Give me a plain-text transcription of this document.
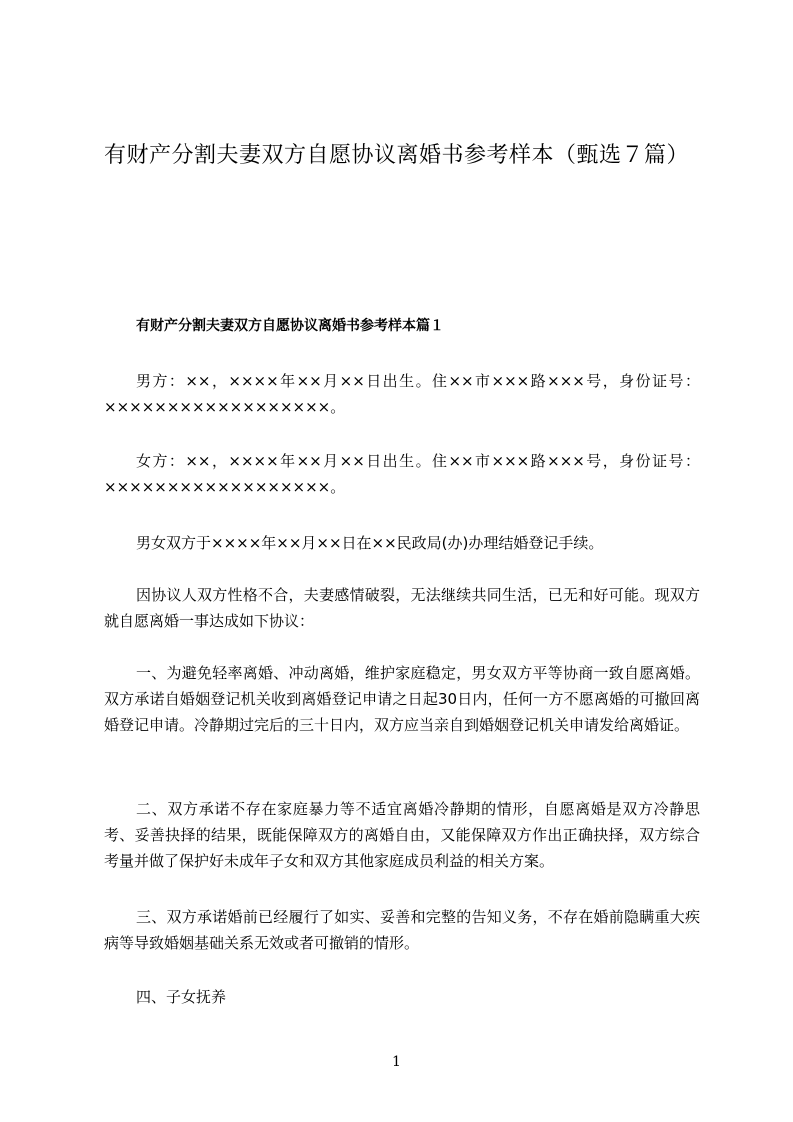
有财产分割夫妻双方自愿协议离婚书参考样本（甄选７篇）
有财产分割夫妻双方自愿协议离婚书参考样本篇１

男方：××，××××年××月××日出生。住××市×××路×××号，身份证号：××××××××××××××××××。

女方：××，××××年××月××日出生。住××市×××路×××号，身份证号：××××××××××××××××××。

男女双方于××××年××月××日在××民政局(办)办理结婚登记手续。

因协议人双方性格不合，夫妻感情破裂，无法继续共同生活，已无和好可能。现双方就自愿离婚一事达成如下协议：

一、为避免轻率离婚、冲动离婚，维护家庭稳定，男女双方平等协商一致自愿离婚。双方承诺自婚姻登记机关收到离婚登记申请之日起30日内，任何一方不愿离婚的可撤回离婚登记申请。冷静期过完后的三十日内，双方应当亲自到婚姻登记机关申请发给离婚证。

二、双方承诺不存在家庭暴力等不适宜离婚冷静期的情形，自愿离婚是双方冷静思考、妥善抉择的结果，既能保障双方的离婚自由，又能保障双方作出正确抉择，双方综合考量并做了保护好未成年子女和双方其他家庭成员利益的相关方案。

三、双方承诺婚前已经履行了如实、妥善和完整的告知义务，不存在婚前隐瞒重大疾病等导致婚姻基础关系无效或者可撤销的情形。

四、子女抚养

1
